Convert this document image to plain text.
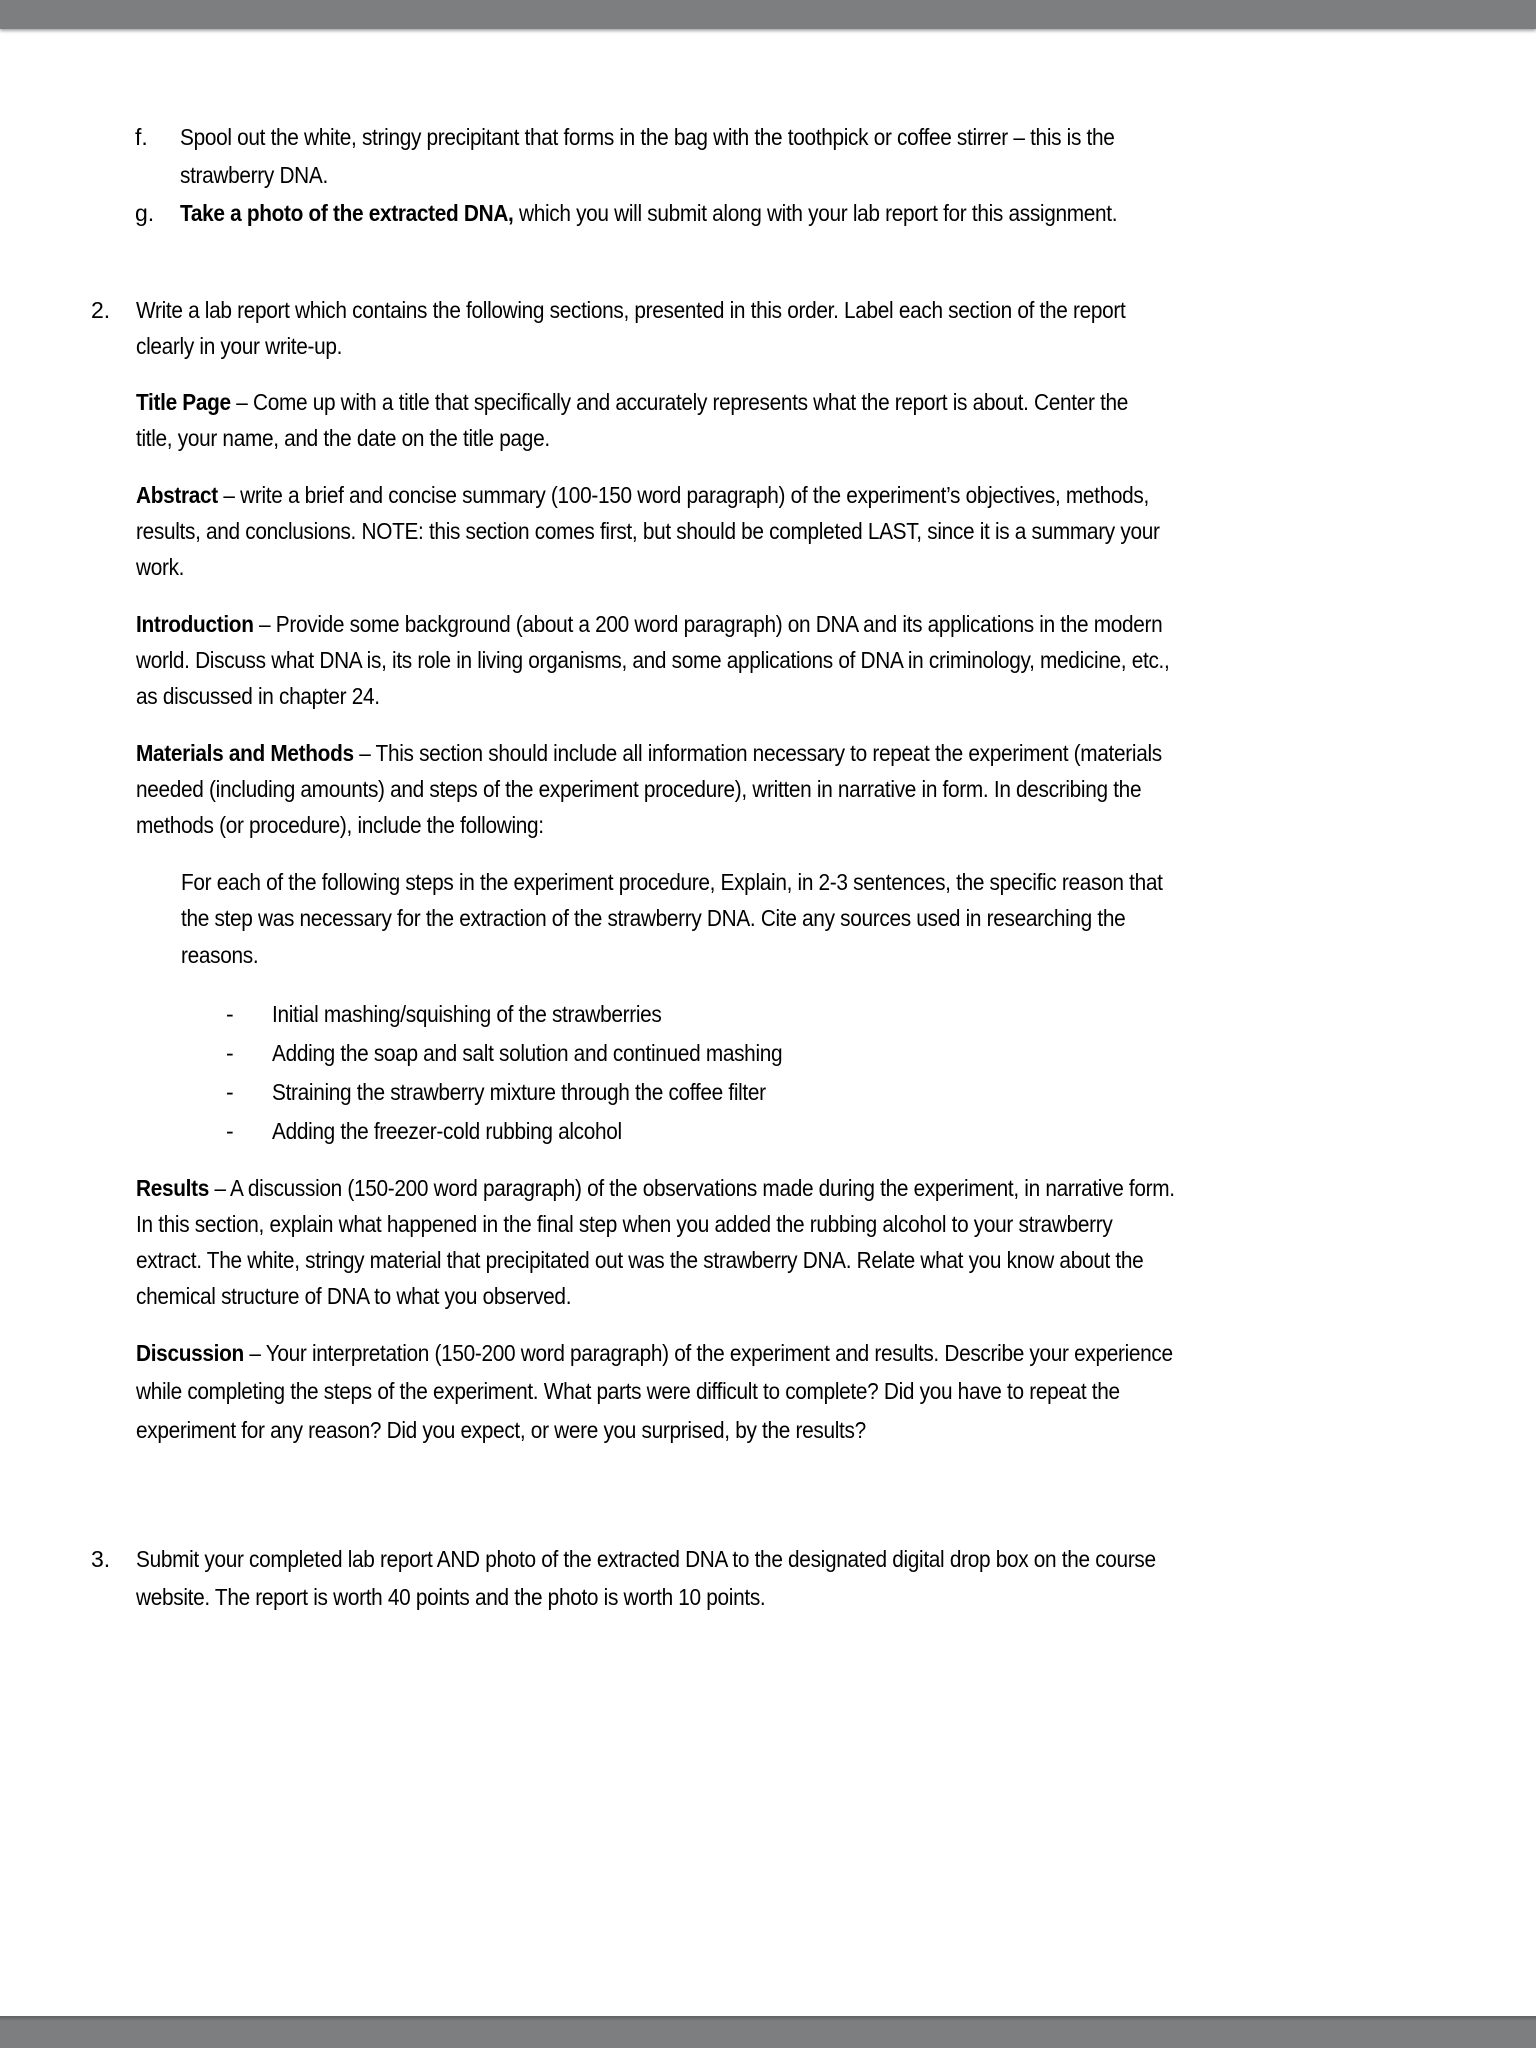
f. Spool out the white, stringy precipitant that forms in the bag with the toothpick or coffee stirrer – this is the
strawberry DNA.
g. Take a photo of the extracted DNA, which you will submit along with your lab report for this assignment.
2. Write a lab report which contains the following sections, presented in this order. Label each section of the report
clearly in your write-up.
Title Page – Come up with a title that specifically and accurately represents what the report is about. Center the
title, your name, and the date on the title page.
Abstract – write a brief and concise summary (100-150 word paragraph) of the experiment’s objectives, methods,
results, and conclusions. NOTE: this section comes first, but should be completed LAST, since it is a summary your
work.
Introduction – Provide some background (about a 200 word paragraph) on DNA and its applications in the modern
world. Discuss what DNA is, its role in living organisms, and some applications of DNA in criminology, medicine, etc.,
as discussed in chapter 24.
Materials and Methods – This section should include all information necessary to repeat the experiment (materials
needed (including amounts) and steps of the experiment procedure), written in narrative in form. In describing the
methods (or procedure), include the following:
For each of the following steps in the experiment procedure, Explain, in 2-3 sentences, the specific reason that
the step was necessary for the extraction of the strawberry DNA. Cite any sources used in researching the
reasons.
- Initial mashing/squishing of the strawberries
- Adding the soap and salt solution and continued mashing
- Straining the strawberry mixture through the coffee filter
- Adding the freezer-cold rubbing alcohol
Results – A discussion (150-200 word paragraph) of the observations made during the experiment, in narrative form.
In this section, explain what happened in the final step when you added the rubbing alcohol to your strawberry
extract. The white, stringy material that precipitated out was the strawberry DNA. Relate what you know about the
chemical structure of DNA to what you observed.
Discussion – Your interpretation (150-200 word paragraph) of the experiment and results. Describe your experience
while completing the steps of the experiment. What parts were difficult to complete? Did you have to repeat the
experiment for any reason? Did you expect, or were you surprised, by the results?
3. Submit your completed lab report AND photo of the extracted DNA to the designated digital drop box on the course
website. The report is worth 40 points and the photo is worth 10 points.
